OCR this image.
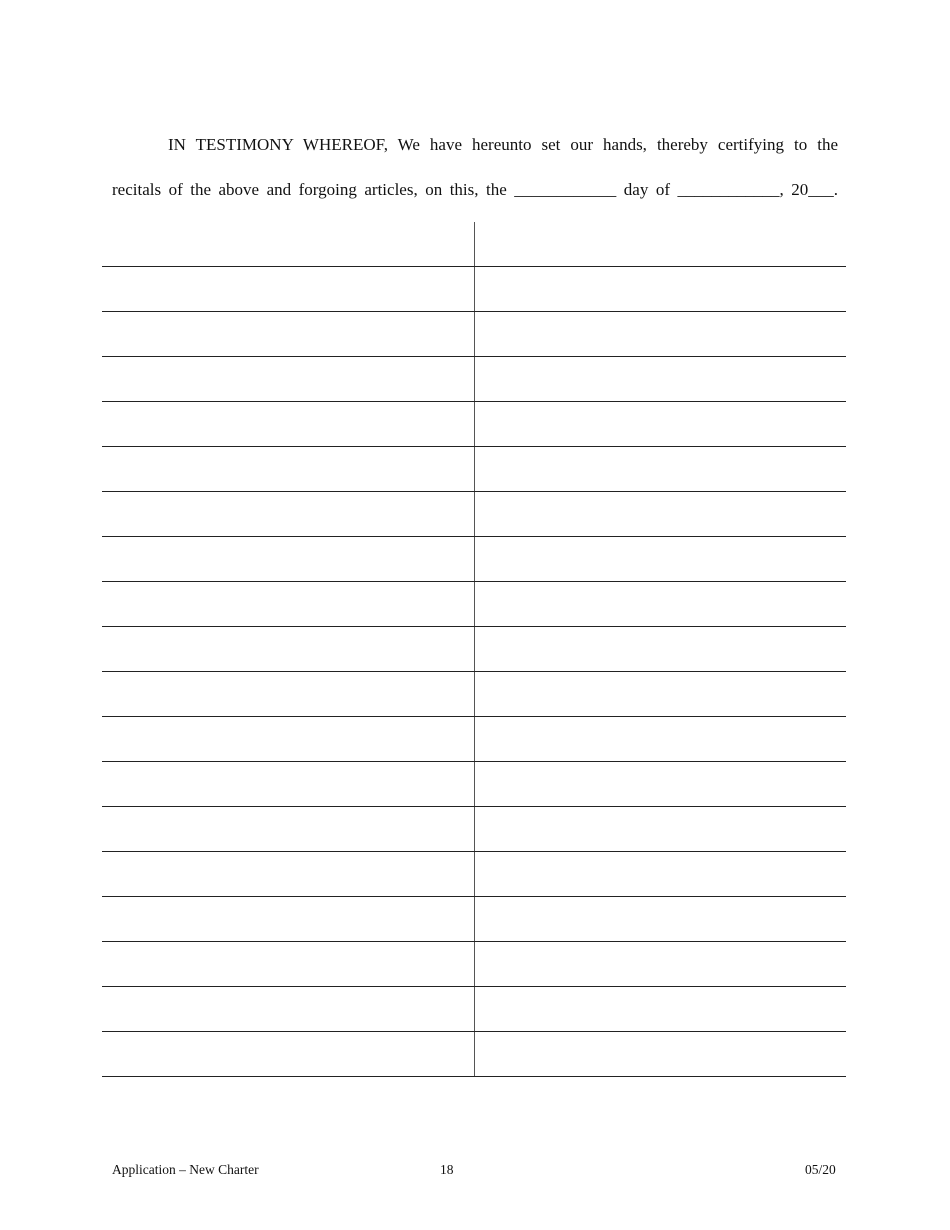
IN TESTIMONY WHEREOF, We have hereunto set our hands, thereby certifying to the
recitals of the above and forgoing articles, on this, the ____________ day of ____________, 20___.
Application – New Charter	18	05/20
